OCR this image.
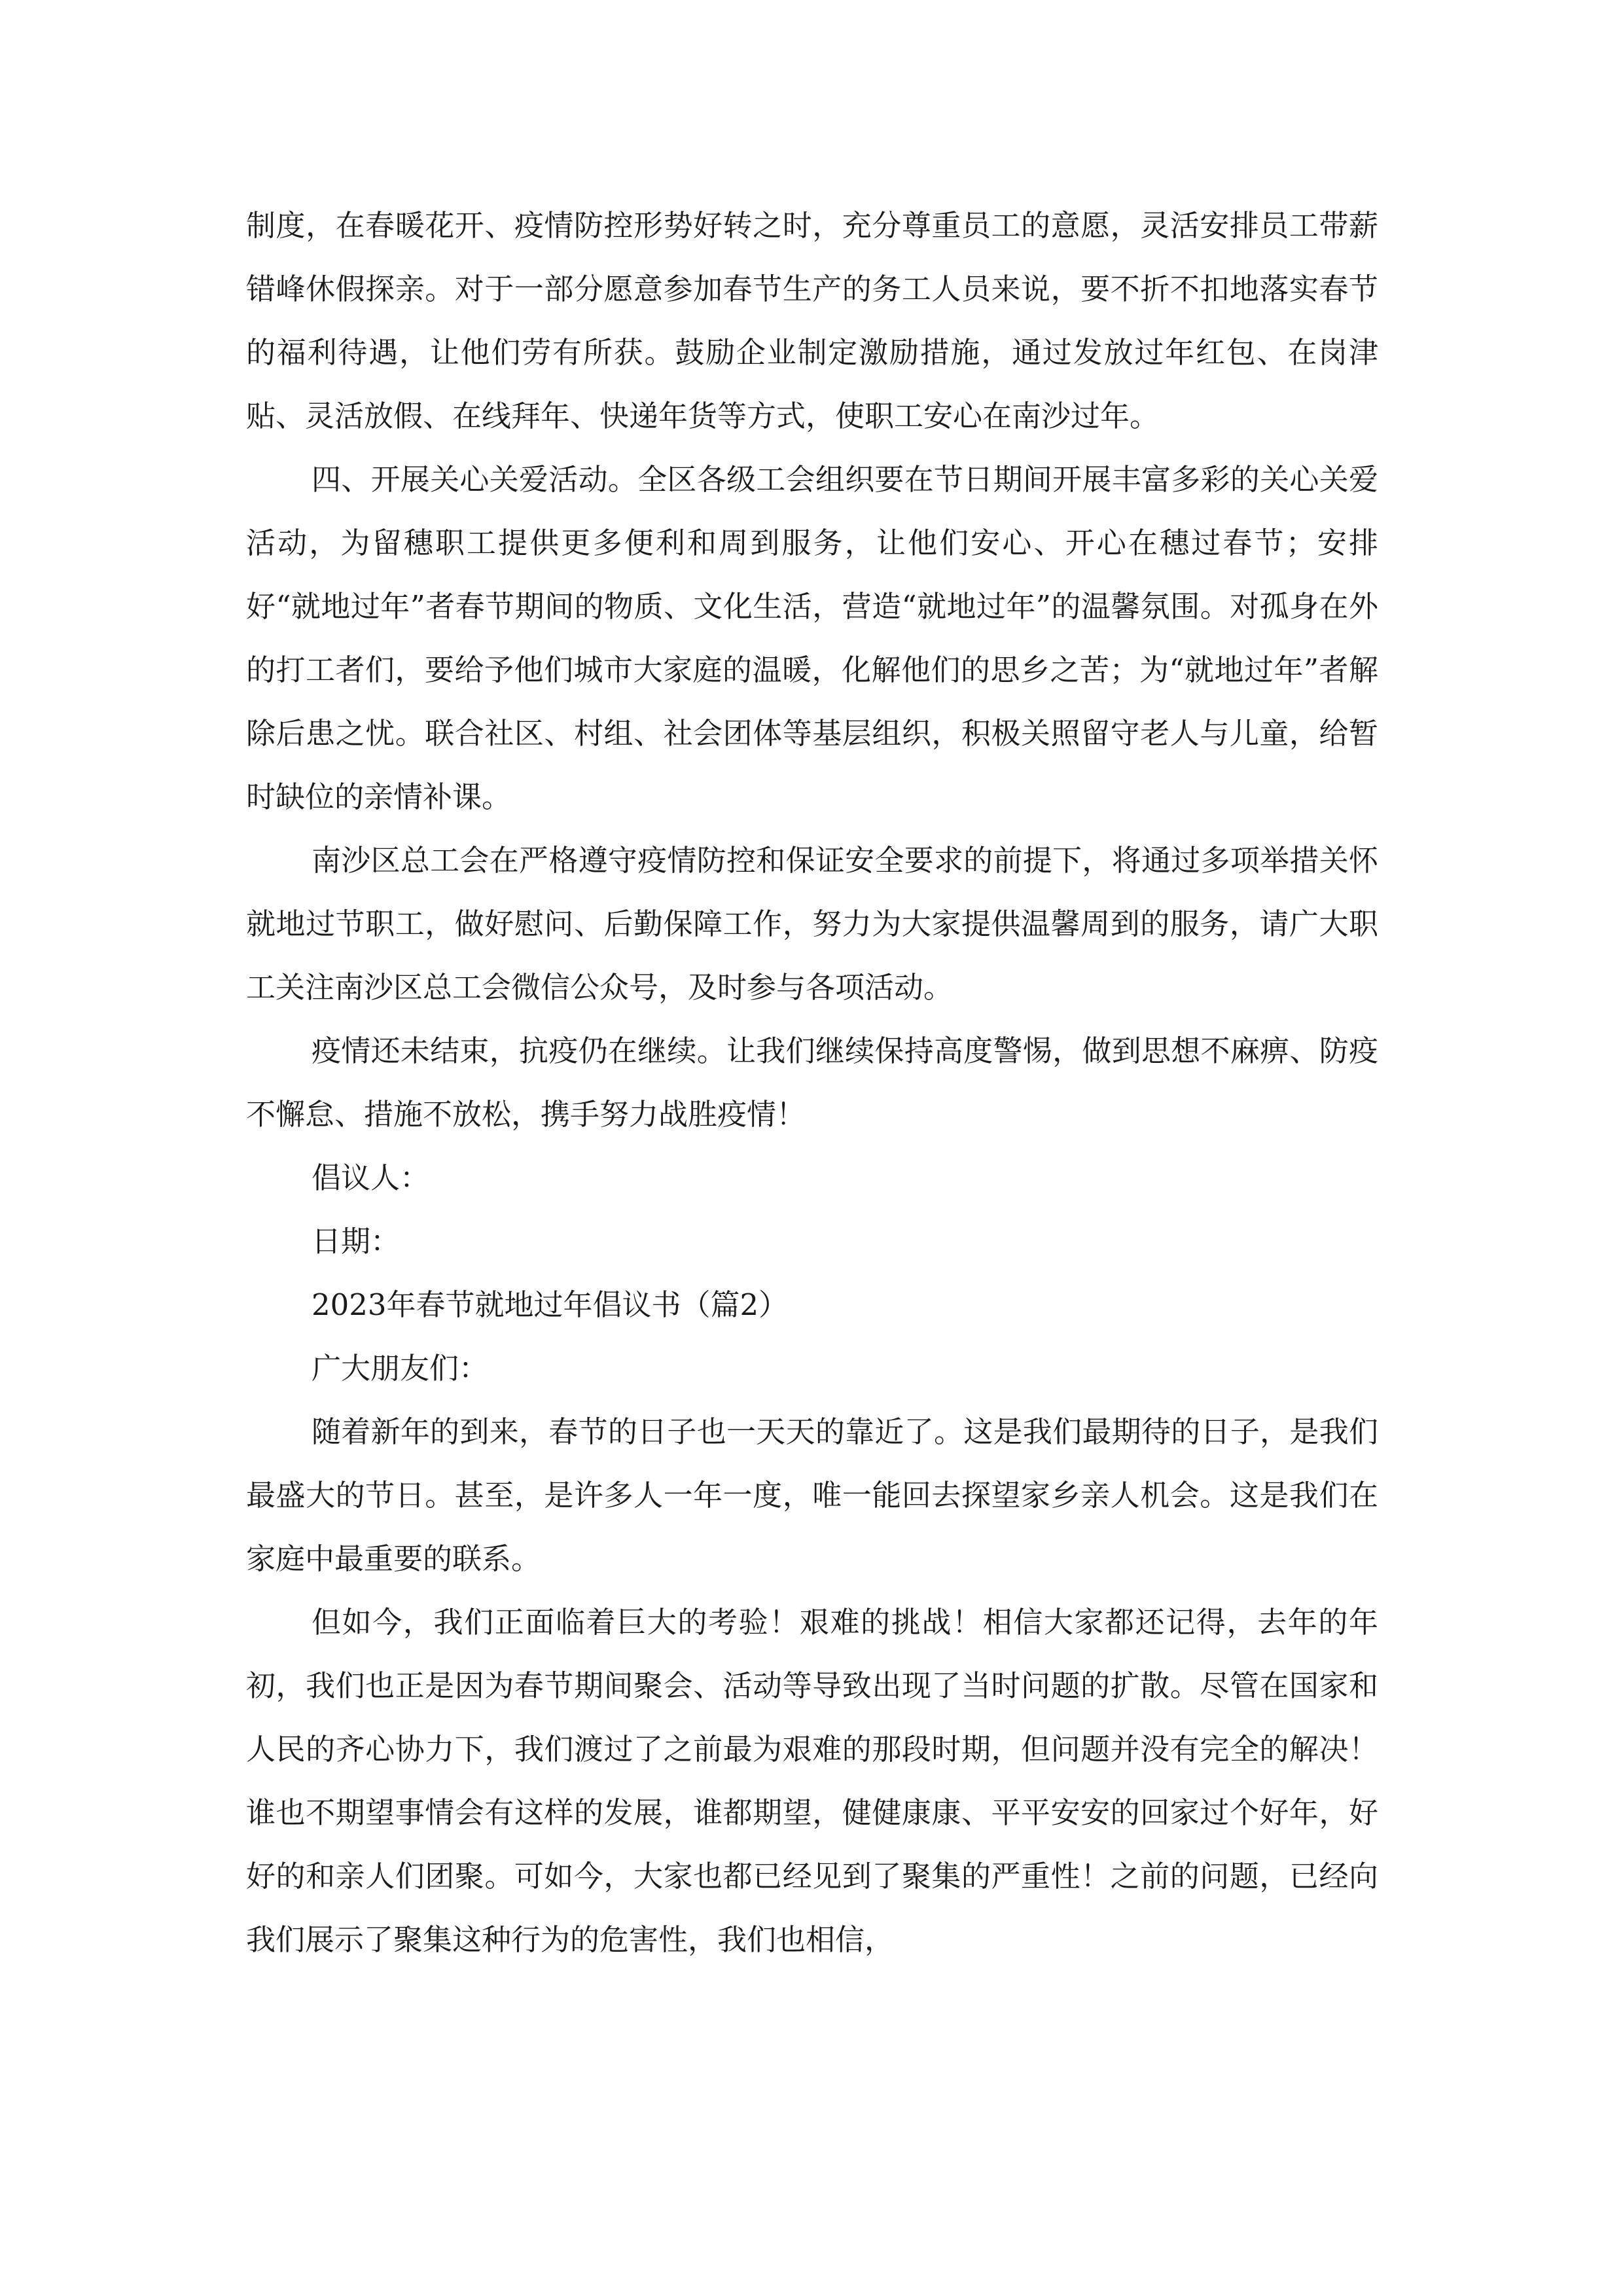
制度，在春暖花开、疫情防控形势好转之时，充分尊重员工的意愿，灵活安排员工带薪错峰休假探亲。对于一部分愿意参加春节生产的务工人员来说，要不折不扣地落实春节的福利待遇，让他们劳有所获。鼓励企业制定激励措施，通过发放过年红包、在岗津贴、灵活放假、在线拜年、快递年货等方式，使职工安心在南沙过年。

四、开展关心关爱活动。全区各级工会组织要在节日期间开展丰富多彩的关心关爱活动，为留穗职工提供更多便利和周到服务，让他们安心、开心在穗过春节；安排好“就地过年”者春节期间的物质、文化生活，营造“就地过年”的温馨氛围。对孤身在外的打工者们，要给予他们城市大家庭的温暖，化解他们的思乡之苦；为“就地过年”者解除后患之忧。联合社区、村组、社会团体等基层组织，积极关照留守老人与儿童，给暂时缺位的亲情补课。

南沙区总工会在严格遵守疫情防控和保证安全要求的前提下，将通过多项举措关怀就地过节职工，做好慰问、后勤保障工作，努力为大家提供温馨周到的服务，请广大职工关注南沙区总工会微信公众号，及时参与各项活动。

疫情还未结束，抗疫仍在继续。让我们继续保持高度警惕，做到思想不麻痹、防疫不懈怠、措施不放松，携手努力战胜疫情！

倡议人：

日期：

2023年春节就地过年倡议书（篇2）

广大朋友们：

随着新年的到来，春节的日子也一天天的靠近了。这是我们最期待的日子，是我们最盛大的节日。甚至，是许多人一年一度，唯一能回去探望家乡亲人机会。这是我们在家庭中最重要的联系。

但如今，我们正面临着巨大的考验！艰难的挑战！相信大家都还记得，去年的年初，我们也正是因为春节期间聚会、活动等导致出现了当时问题的扩散。尽管在国家和人民的齐心协力下，我们渡过了之前最为艰难的那段时期，但问题并没有完全的解决！谁也不期望事情会有这样的发展，谁都期望，健健康康、平平安安的回家过个好年，好好的和亲人们团聚。可如今，大家也都已经见到了聚集的严重性！之前的问题，已经向我们展示了聚集这种行为的危害性，我们也相信，
